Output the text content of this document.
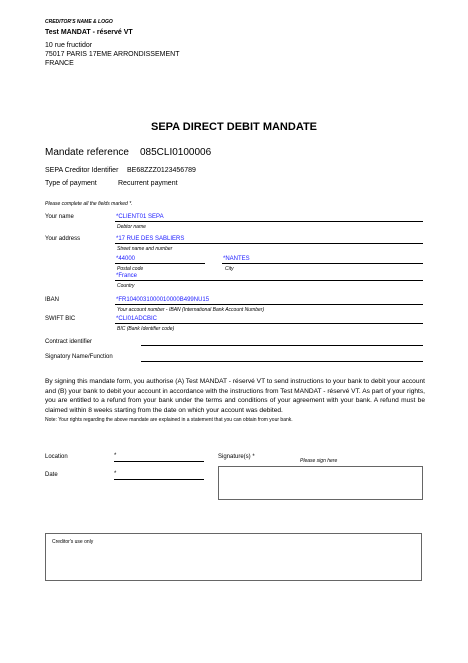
CREDITOR'S NAME & LOGO
Test MANDAT - réservé VT
10 rue fructidor
75017 PARIS 17EME ARRONDISSEMENT
FRANCE
SEPA DIRECT DEBIT MANDATE
Mandate reference 085CLI0100006
SEPA Creditor Identifier BE68ZZZ0123456789
Type of payment	Recurrent payment
Please complete all the fields marked *.
Your name	*CLIENT01 SEPA
Debtor name
Your address	*17 RUE DES SABLIERS
Street name and number
*44000
Postal code
*NANTES
City
*France
Country
IBAN	*FR1040031000010000B499NU15
Your account number - IBAN (International Bank Account Number)
SWIFT BIC	*CLI01ADCBIC
BIC (Bank Identifier code)
Contract identifier
Signatory Name/Function
By signing this mandate form, you authorise (A) Test MANDAT - réservé VT to send instructions to your bank to debit your account and (B) your bank to debit your account in accordance with the instructions from Test MANDAT - réservé VT. As part of your rights, you are entitled to a refund from your bank under the terms and conditions of your agreement with your bank. A refund must be claimed within 8 weeks starting from the date on which your account was debited.
Note: Your rights regarding the above mandate are explained in a statement that you can obtain from your bank.
Location	*
Date	*
Signature(s) *
Please sign here
Creditor's use only
